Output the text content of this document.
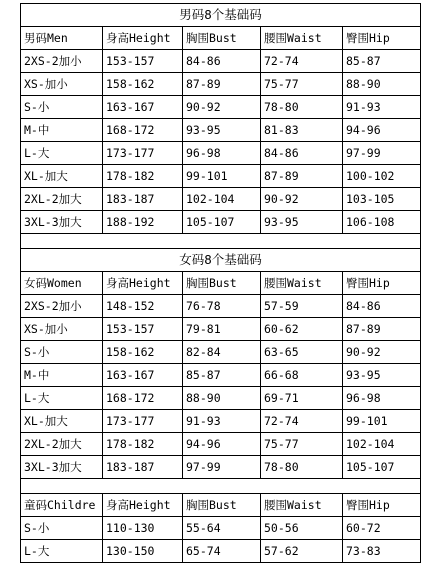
男码8个基础码				
男码Men	身高Height	胸围Bust	腰围Waist	臀围Hip
2XS-2加小	153-157	84-86	72-74	85-87
XS-加小	158-162	87-89	75-77	88-90
S-小	163-167	90-92	78-80	91-93
M-中	168-172	93-95	81-83	94-96
L-大	173-177	96-98	84-86	97-99
XL-加大	178-182	99-101	87-89	100-102
2XL-2加大	183-187	102-104	90-92	103-105
3XL-3加大	188-192	105-107	93-95	106-108

女码8个基础码				
女码Women	身高Height	胸围Bust	腰围Waist	臀围Hip
2XS-2加小	148-152	76-78	57-59	84-86
XS-加小	153-157	79-81	60-62	87-89
S-小	158-162	82-84	63-65	90-92
M-中	163-167	85-87	66-68	93-95
L-大	168-172	88-90	69-71	96-98
XL-加大	173-177	91-93	72-74	99-101
2XL-2加大	178-182	94-96	75-77	102-104
3XL-3加大	183-187	97-99	78-80	105-107

童码Childre	身高Height	胸围Bust	腰围Waist	臀围Hip
S-小	110-130	55-64	50-56	60-72
L-大	130-150	65-74	57-62	73-83
